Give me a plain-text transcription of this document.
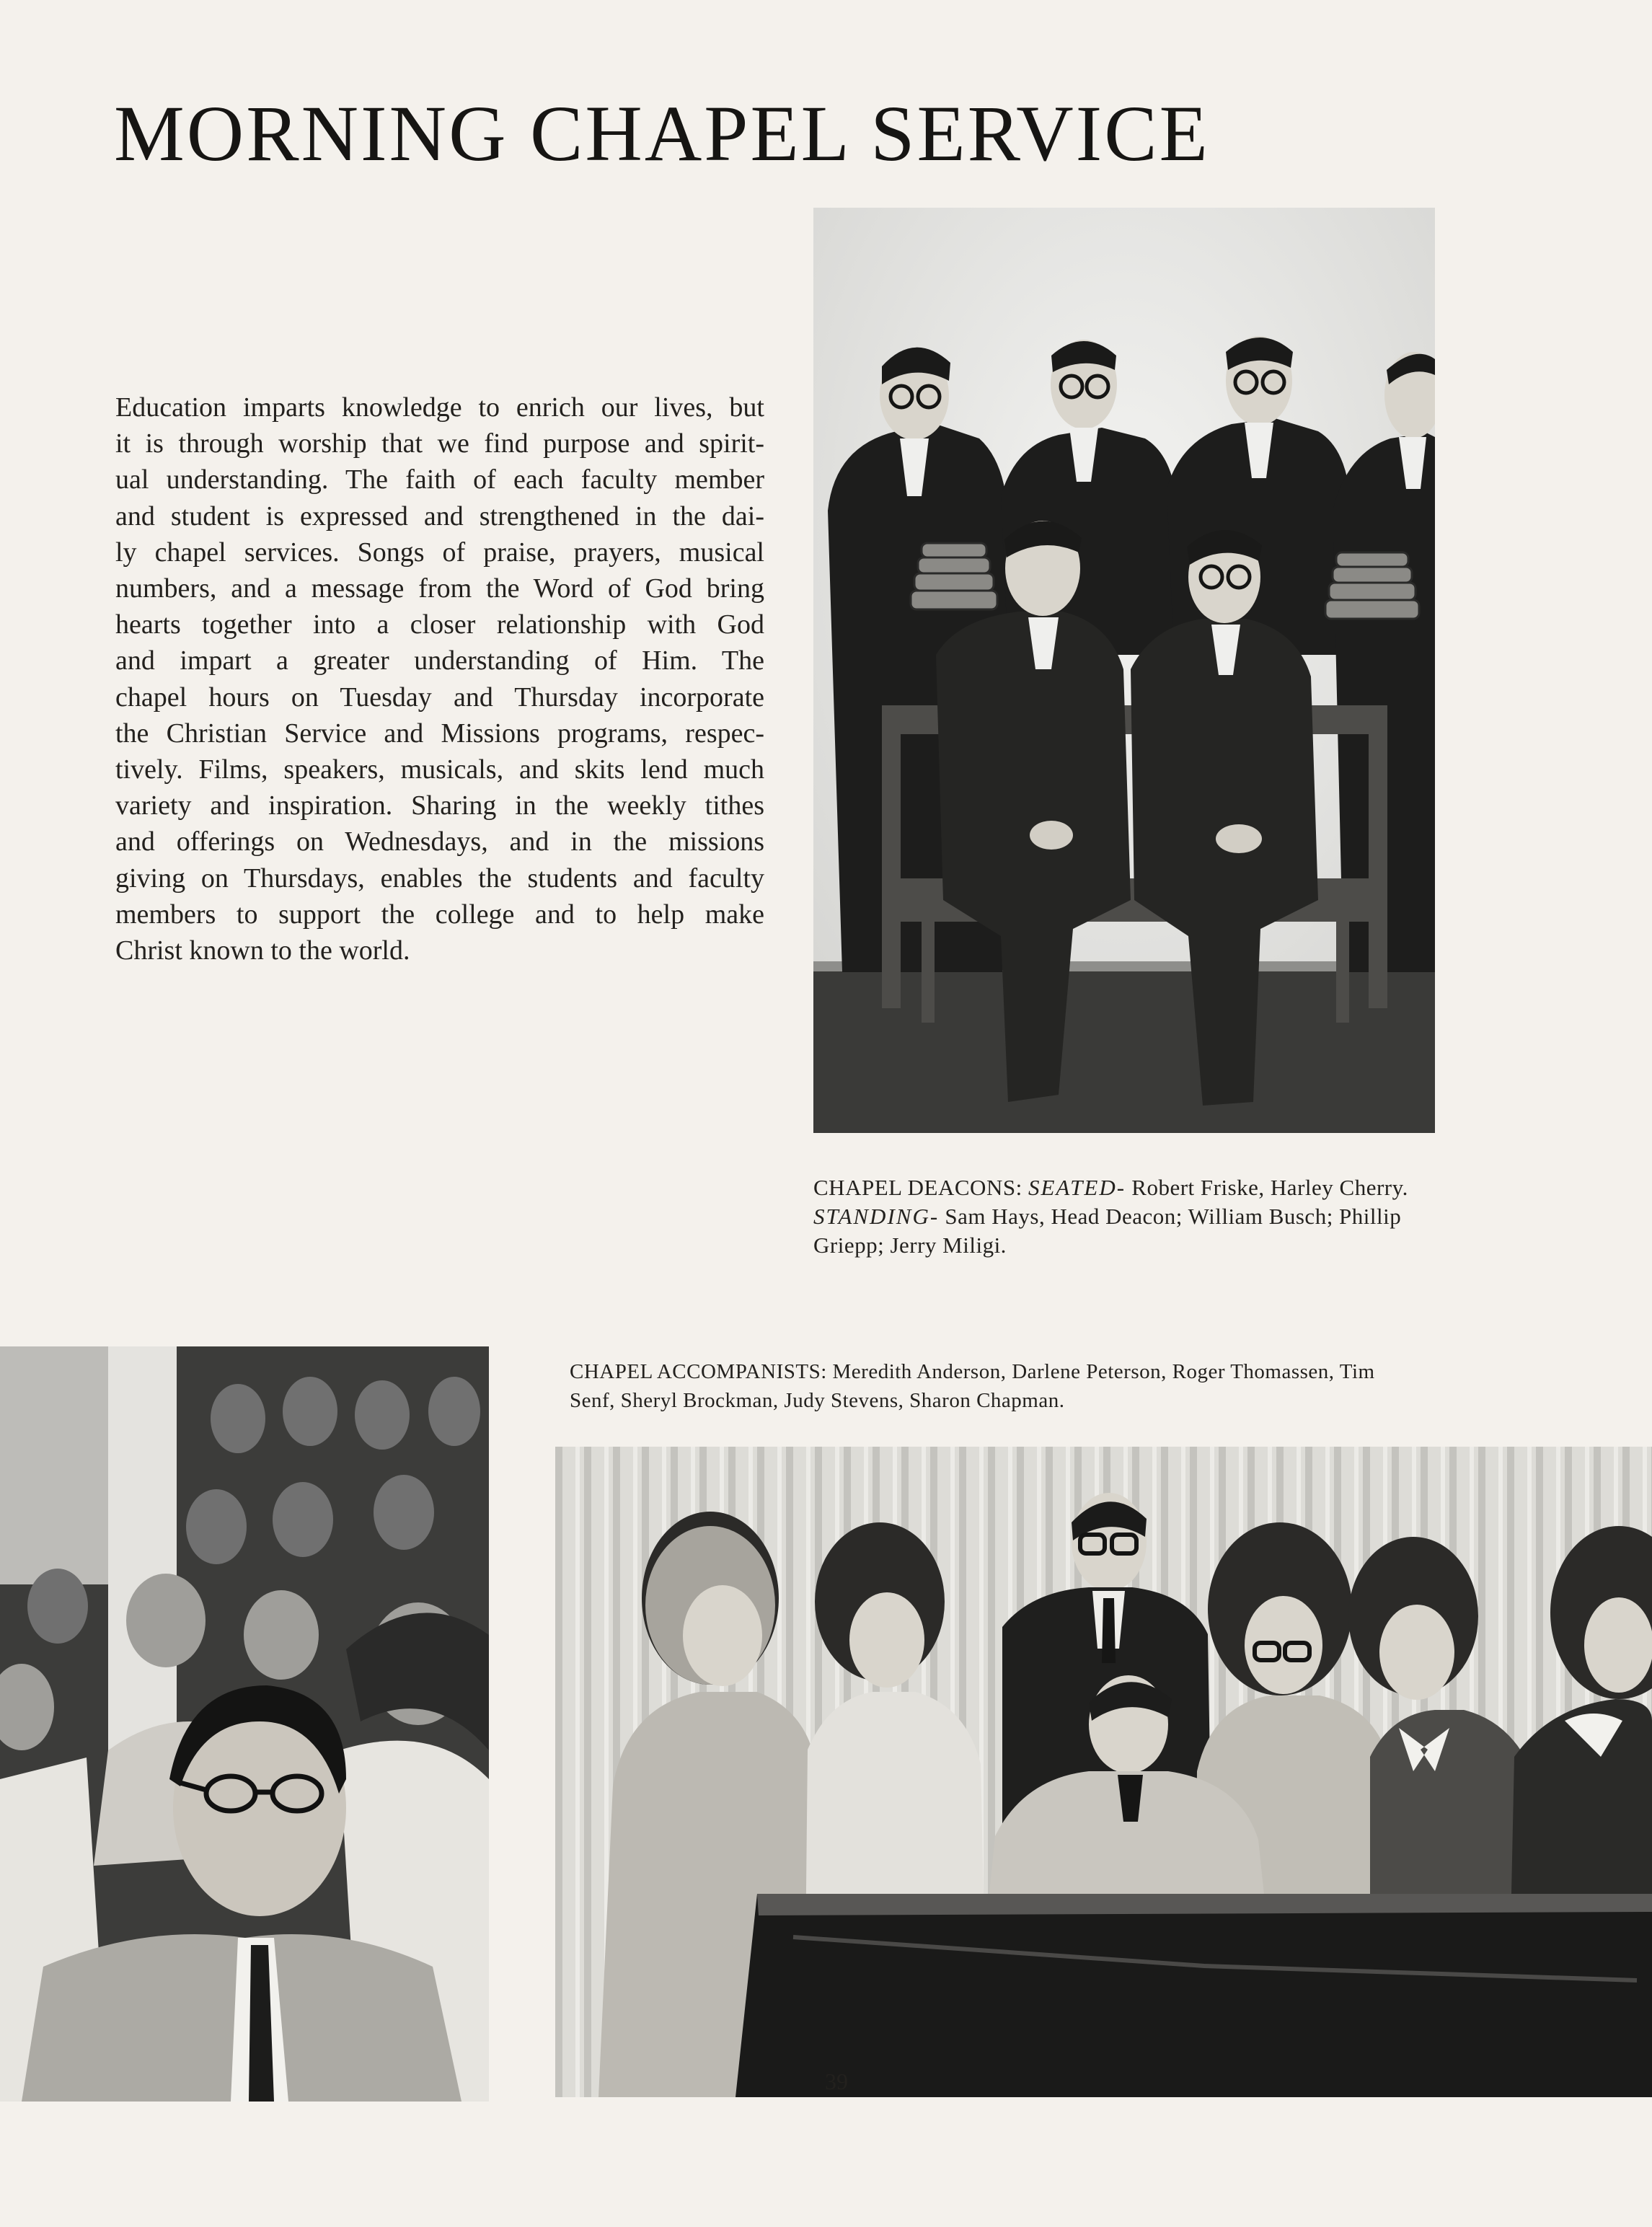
MORNING CHAPEL SERVICE
Education imparts knowledge to enrich our lives, but
it is through worship that we find purpose and spirit-
ual understanding. The faith of each faculty member
and student is expressed and strengthened in the dai-
ly chapel services. Songs of praise, prayers, musical
numbers, and a message from the Word of God bring
hearts together into a closer relationship with God
and impart a greater understanding of Him. The
chapel hours on Tuesday and Thursday incorporate
the Christian Service and Missions programs, respec-
tively. Films, speakers, musicals, and skits lend much
variety and inspiration. Sharing in the weekly tithes
and offerings on Wednesdays, and in the missions
giving on Thursdays, enables the students and faculty
members to support the college and to help make
Christ known to the world.
CHAPEL DEACONS: SEATED- Robert Friske, Harley Cherry.
STANDING- Sam Hays, Head Deacon; William Busch; Phillip
Griepp; Jerry Miligi.
CHAPEL ACCOMPANISTS: Meredith Anderson, Darlene Peterson, Roger Thomassen, Tim
Senf, Sheryl Brockman, Judy Stevens, Sharon Chapman.
39
